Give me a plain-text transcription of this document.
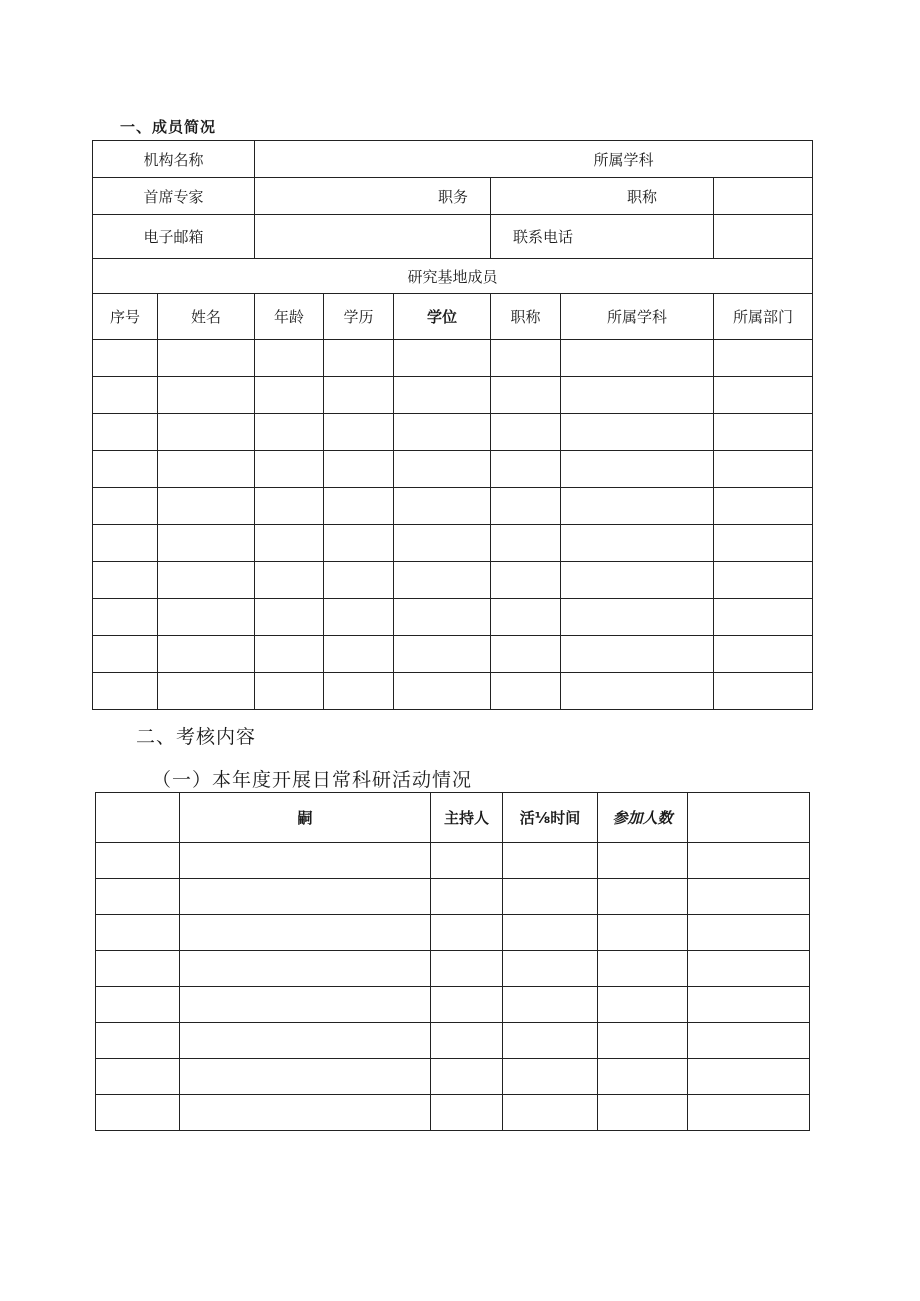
一、成员简况
机构名称		所属学科					
首席专家		职务			职称		
电子邮箱					联系电话		
研究基地成员							
序号	姓名	年龄	学历	学位	职称	所属学科	所属部门

二、考核内容
（一）本年度开展日常科研活动情况
	嗣	主持人	活⅛时间	参加人数	
